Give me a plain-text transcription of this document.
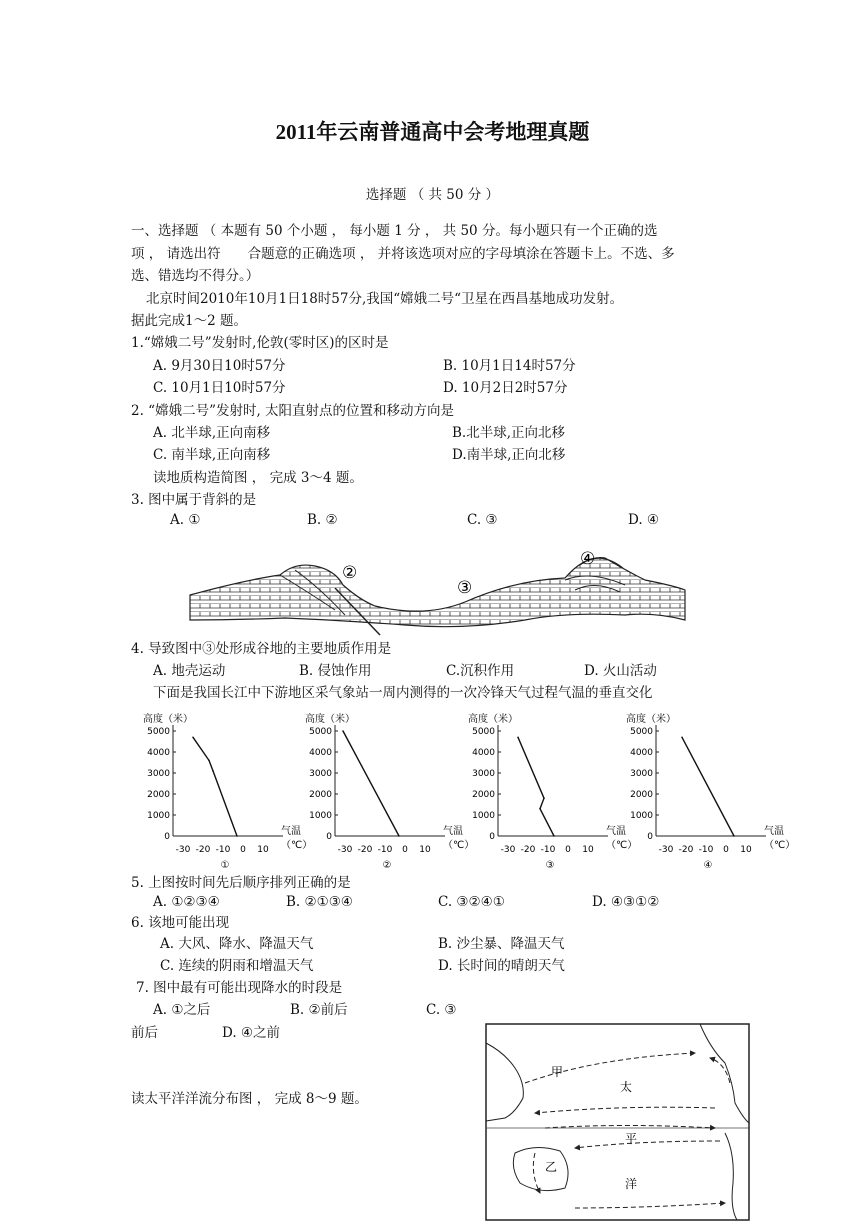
2011年云南普通高中会考地理真题
选择题 （ 共 50 分 ）
一、选择题 （ 本题有 50 个小题 ， 每小题 1 分 ， 共 50 分。每小题只有一个正确的选
项 ， 请选出符　　合题意的正确选项 ， 并将该选项对应的字母填涂在答题卡上。不选、多
选、错选均不得分。）
北京时间2010年10月1日18时57分,我国“嫦娥二号“卫星在西昌基地成功发射。
据此完成1～2 题。
1.“嫦娥二号”发射时,伦敦(零时区)的区时是
A. 9月30日10时57分	B. 10月1日14时57分
C. 10月1日10时57分	D. 10月2日2时57分
2. “嫦娥二号”发射时, 太阳直射点的位置和移动方向是
A. 北半球,正向南移	B.北半球,正向北移
C. 南半球,正向南移	D.南半球,正向北移
读地质构造简图 ， 完成 3～4 题。
3. 图中属于背斜的是
A. ①	B. ②	C. ③	D. ④
②
③
④
4. 导致图中③处形成谷地的主要地质作用是
A. 地壳运动	B. 侵蚀作用	C.沉积作用	D. 火山活动
下面是我国长江中下游地区采气象站一周内测得的一次冷锋天气过程气温的垂直交化
高度（米）
5000
4000
3000
2000
1000
0
-30 -20 -10 0 10
气温
（℃）
①
高度（米）
5000
4000
3000
2000
1000
0
-30 -20 -10 0 10
气温
（℃）
②
高度（米）
5000
4000
3000
2000
1000
0
-30 -20 -10 0 10
气温
（℃）
③
高度（米）
5000
4000
3000
2000
1000
0
-30 -20 -10 0 10
气温
（℃）
④
5. 上图按时间先后顺序排列正确的是
A. ①②③④	B. ②①③④	C. ③②④①	D. ④③①②
6. 该地可能出现
A. 大风、降水、降温天气	B. 沙尘暴、降温天气
C. 连续的阴雨和增温天气	D. 长时间的晴朗天气
7. 图中最有可能出现降水的时段是
A. ①之后	B. ②前后	C. ③
前后	D. ④之前
读太平洋洋流分布图 ， 完成 8～9 题。
甲
太
平
洋
乙
